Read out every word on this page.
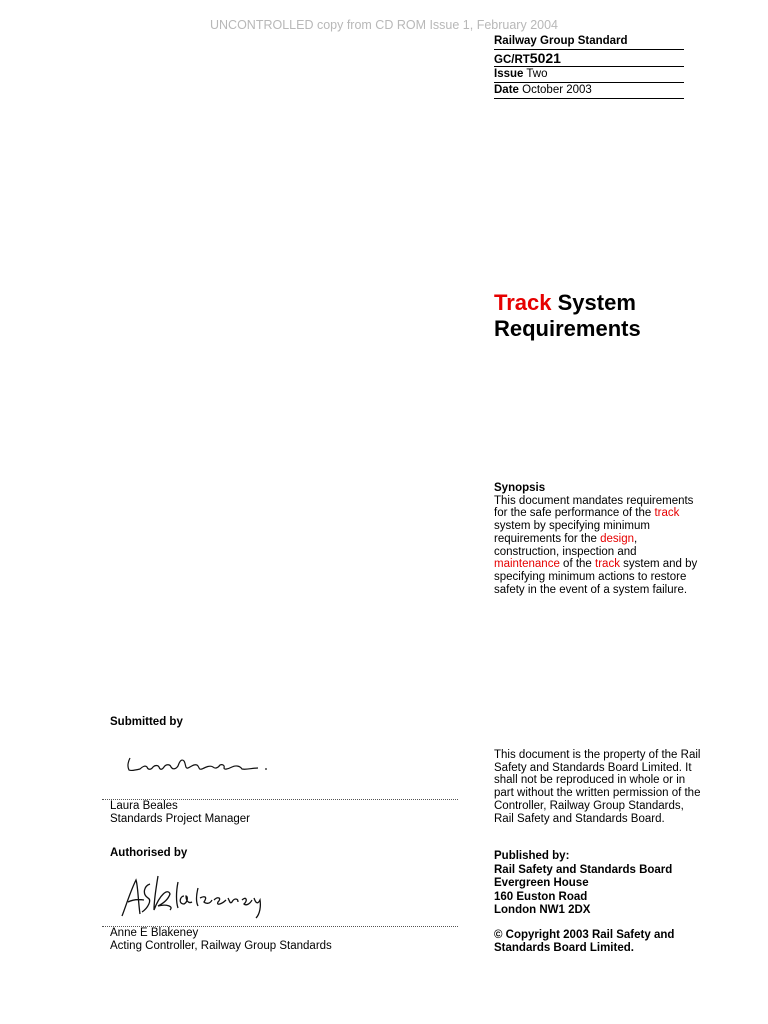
UNCONTROLLED copy from CD ROM Issue 1, February 2004
Railway Group Standard
GC/RT5021
Issue Two
Date October 2003
Track System
Requirements
Synopsis
This document mandates requirements for the safe performance of the track system by specifying minimum requirements for the design, construction, inspection and maintenance of the track system and by specifying minimum actions to restore safety in the event of a system failure.
Submitted by
Laura Beales
Standards Project Manager
Authorised by
Anne E Blakeney
Acting Controller, Railway Group Standards
This document is the property of the Rail Safety and Standards Board Limited. It shall not be reproduced in whole or in part without the written permission of the Controller, Railway Group Standards, Rail Safety and Standards Board.
Published by:
Rail Safety and Standards Board
Evergreen House
160 Euston Road
London NW1 2DX
© Copyright 2003 Rail Safety and Standards Board Limited.
